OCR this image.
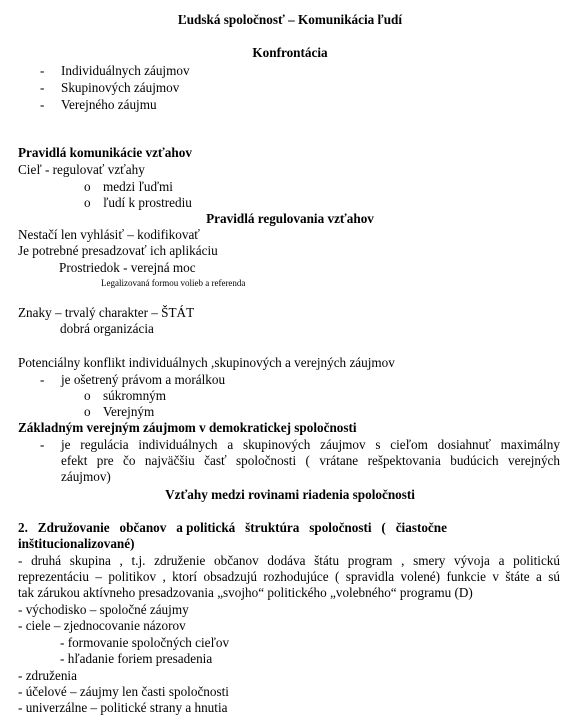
Ľudská spoločnosť – Komunikácia ľudí
Konfrontácia
- Individuálnych záujmov
- Skupinových záujmov
- Verejného záujmu
Pravidlá komunikácie vzťahov
Cieľ - regulovať vzťahy
o medzi ľuďmi
o ľudí k prostrediu
Pravidlá regulovania vzťahov
Nestačí len vyhlásiť – kodifikovať
Je potrebné presadzovať ich aplikáciu
Prostriedok - verejná moc
Legalizovaná formou volieb a referenda
Znaky – trvalý charakter – ŠTÁT
dobrá organizácia
Potenciálny konflikt individuálnych ,skupinových a verejných záujmov
- je ošetrený právom a morálkou
o súkromným
o Verejným
Základným verejným záujmom v demokratickej spoločnosti
- je regulácia individuálnych a skupinových záujmov s cieľom dosiahnuť maximálny
efekt pre čo najväčšiu časť spoločnosti ( vrátane rešpektovania budúcich verejných
záujmov)
Vzťahy medzi rovinami riadenia spoločnosti
2.   Združovanie   občanov   a politická   štruktúra   spoločnosti   (   čiastočne
inštitucionalizované)
- druhá skupina , t.j. združenie občanov dodáva štátu program , smery vývoja a politickú
reprezentáciu – politikov , ktorí obsadzujú rozhodujúce ( spravidla volené) funkcie v štáte a sú
tak zárukou aktívneho presadzovania „svojho“ politického „volebného“ programu (D)
- východisko – spoločné záujmy
- ciele – zjednocovanie názorov
- formovanie spoločných cieľov
- hľadanie foriem presadenia
- združenia
- účelové – záujmy len časti spoločnosti
- univerzálne – politické strany a hnutia
